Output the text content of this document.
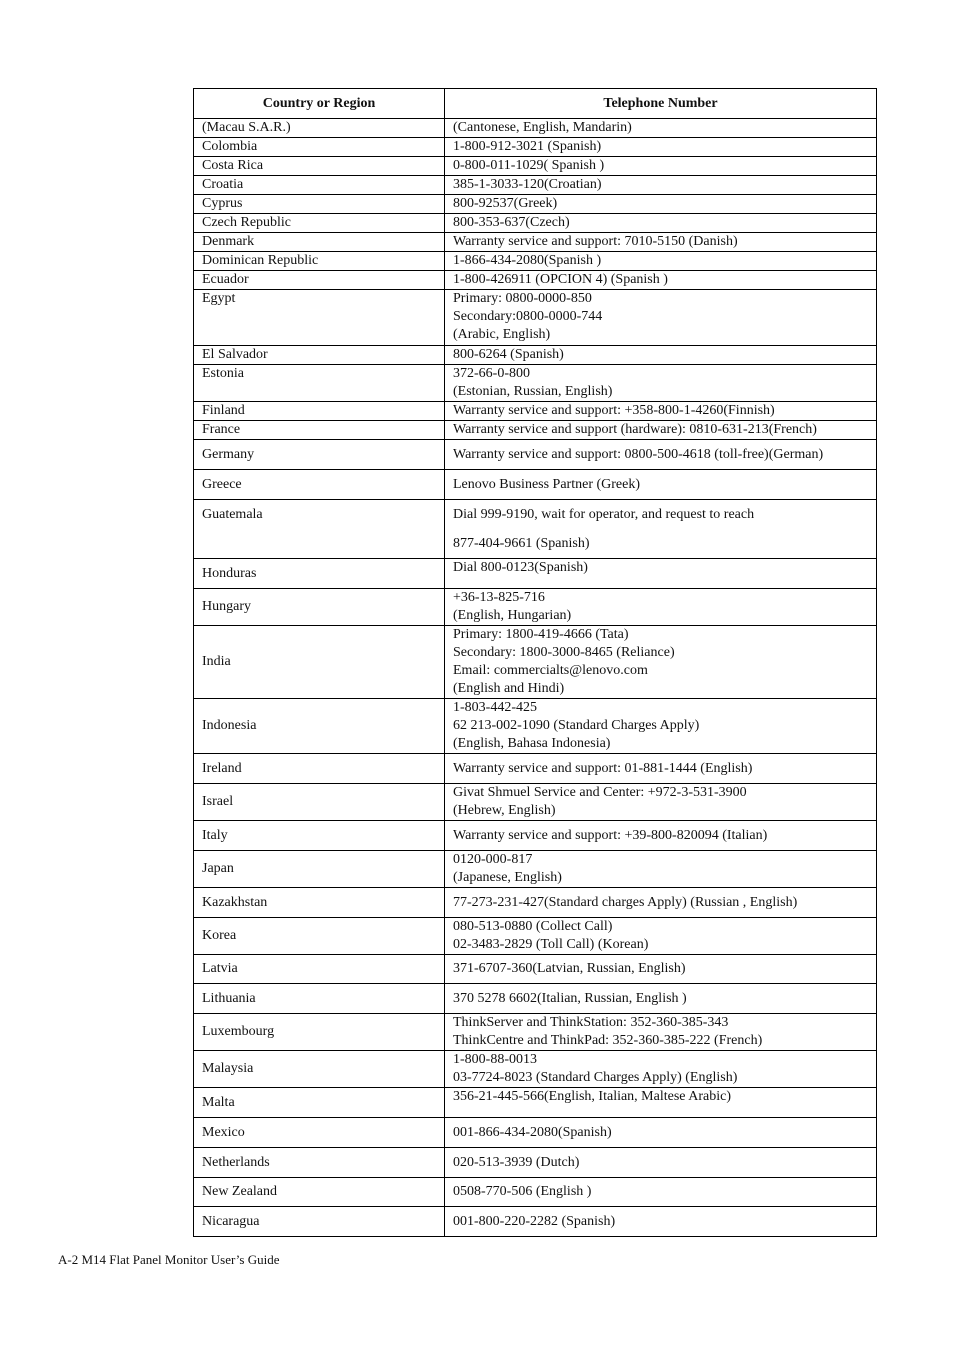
Country or Region	Telephone Number
(Macau S.A.R.)	(Cantonese, English, Mandarin)

Colombia	1-800-912-3021 (Spanish)

Costa Rica	0-800-011-1029( Spanish )

Croatia	385-1-3033-120(Croatian)

Cyprus	800-92537(Greek)

Czech Republic	800-353-637(Czech)

Denmark	Warranty service and support: 7010-5150 (Danish)

Dominican Republic	1-866-434-2080(Spanish )

Ecuador	1-800-426911 (OPCION 4) (Spanish )

Egypt	Primary: 0800-0000-850
Secondary:0800-0000-744
(Arabic, English)

El Salvador	800-6264 (Spanish)

Estonia	372-66-0-800
(Estonian, Russian, English)

Finland	Warranty service and support: +358-800-1-4260(Finnish)

France	Warranty service and support (hardware): 0810-631-213(French)

Germany	Warranty service and support: 0800-500-4618 (toll-free)(German)

Greece	Lenovo Business Partner (Greek)

Guatemala	Dial 999-9190, wait for operator, and request to reach
877-404-9661 (Spanish)

Honduras	Dial 800-0123(Spanish)

Hungary	+36-13-825-716
(English, Hungarian)

India	Primary: 1800-419-4666 (Tata)
Secondary: 1800-3000-8465 (Reliance)
Email: commercialts@lenovo.com
(English and Hindi)

Indonesia	1-803-442-425
62 213-002-1090 (Standard Charges Apply)
(English, Bahasa Indonesia)

Ireland	Warranty service and support: 01-881-1444 (English)

Israel	Givat Shmuel Service and Center: +972-3-531-3900
(Hebrew, English)

Italy	Warranty service and support: +39-800-820094 (Italian)

Japan	0120-000-817
(Japanese, English)

Kazakhstan	77-273-231-427(Standard charges Apply) (Russian , English)

Korea	080-513-0880 (Collect Call)
02-3483-2829 (Toll Call) (Korean)

Latvia	371-6707-360(Latvian, Russian, English)

Lithuania	370 5278 6602(Italian, Russian, English )

Luxembourg	ThinkServer and ThinkStation: 352-360-385-343
ThinkCentre and ThinkPad: 352-360-385-222 (French)

Malaysia	1-800-88-0013
03-7724-8023 (Standard Charges Apply) (English)

Malta	356-21-445-566(English, Italian, Maltese Arabic)

Mexico	001-866-434-2080(Spanish)

Netherlands	020-513-3939 (Dutch)

New Zealand	0508-770-506 (English )

Nicaragua	001-800-220-2282 (Spanish)
A-2 M14 Flat Panel Monitor User’s Guide
